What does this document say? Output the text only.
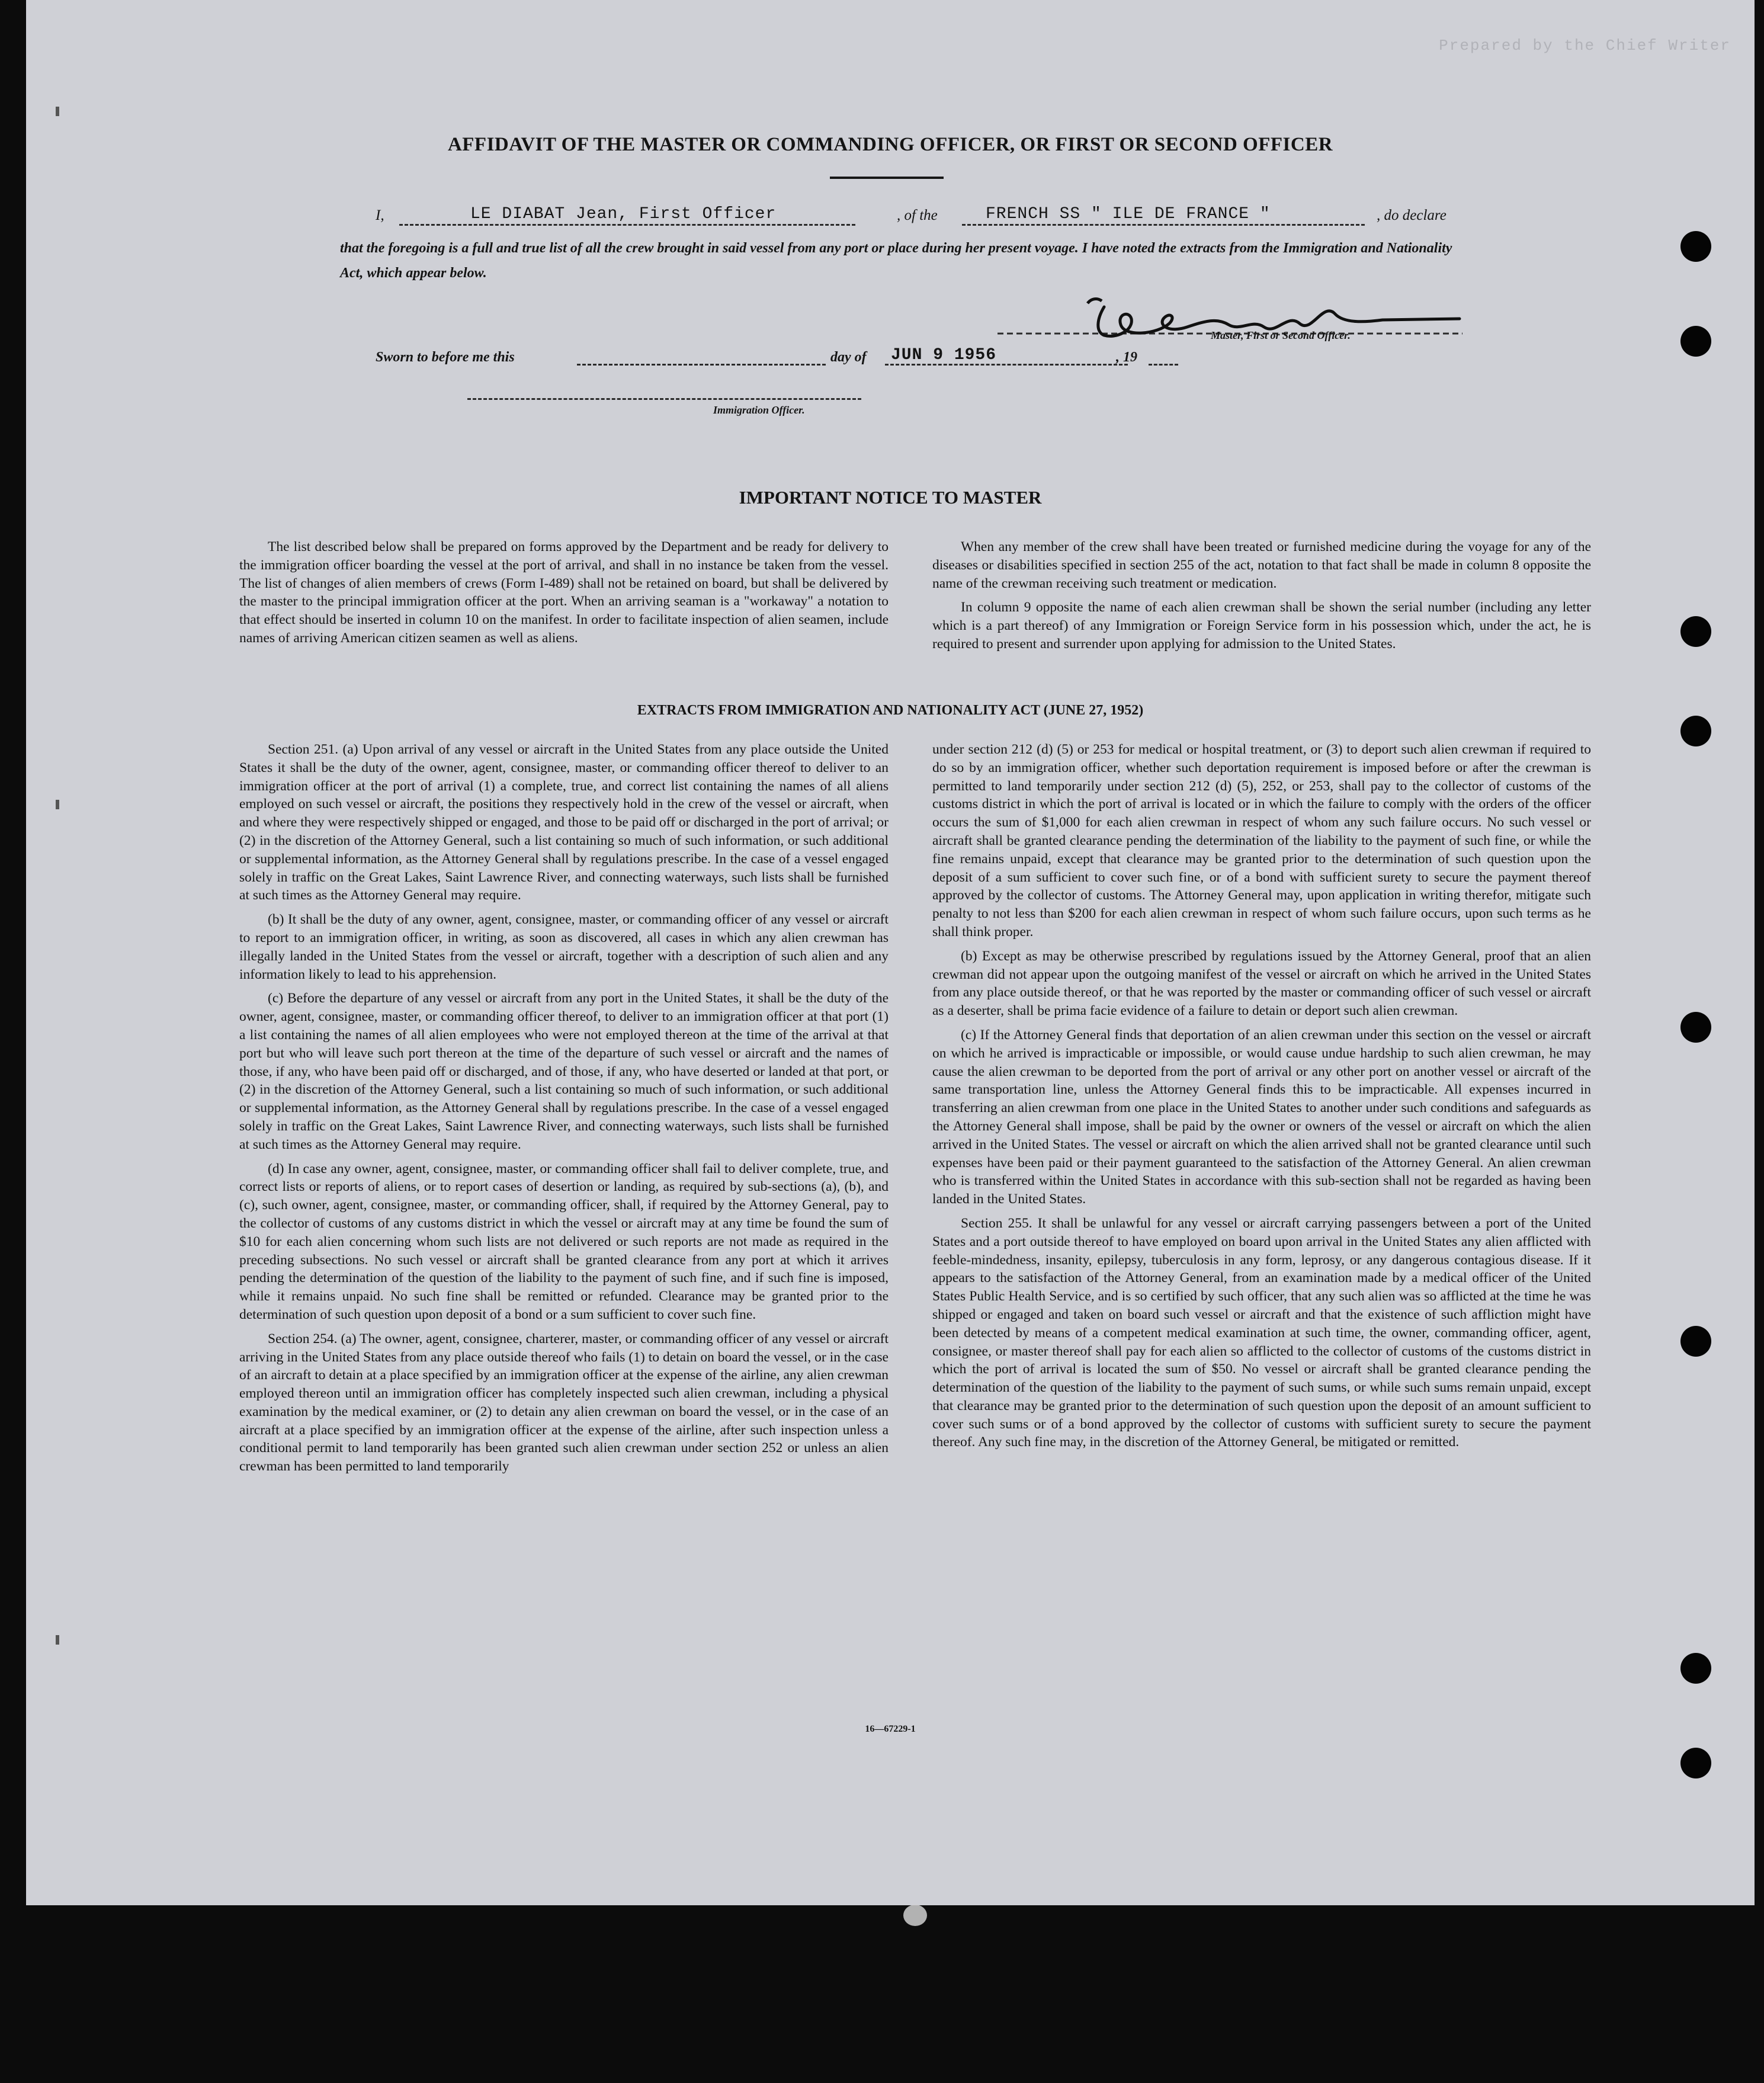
Prepared by the Chief Writer
AFFIDAVIT OF THE MASTER OR COMMANDING OFFICER, OR FIRST OR SECOND OFFICER
I,	LE DIABAT Jean, First Officer	, of the	FRENCH SS " ILE DE FRANCE "	, do declare
that the foregoing is a full and true list of all the crew brought in said vessel from any port or place during her present voyage. I have noted the extracts from the Immigration and Nationality Act, which appear below.
Master, First or Second Officer.
Sworn to before me this	day of JUN 9 1956	, 19
Immigration Officer.
IMPORTANT NOTICE TO MASTER

The list described below shall be prepared on forms approved by the Department and be ready for delivery to the immigration officer boarding the vessel at the port of arrival, and shall in no instance be taken from the vessel. The list of changes of alien members of crews (Form I-489) shall not be retained on board, but shall be delivered by the master to the principal immigration officer at the port. When an arriving seaman is a "workaway" a notation to that effect should be inserted in column 10 on the manifest. In order to facilitate inspection of alien seamen, include names of arriving American citizen seamen as well as aliens.

When any member of the crew shall have been treated or furnished medicine during the voyage for any of the diseases or disabilities specified in section 255 of the act, notation to that fact shall be made in column 8 opposite the name of the crewman receiving such treatment or medication.

In column 9 opposite the name of each alien crewman shall be shown the serial number (including any letter which is a part thereof) of any Immigration or Foreign Service form in his possession which, under the act, he is required to present and surrender upon applying for admission to the United States.

EXTRACTS FROM IMMIGRATION AND NATIONALITY ACT (JUNE 27, 1952)

Section 251. (a) Upon arrival of any vessel or aircraft in the United States from any place outside the United States it shall be the duty of the owner, agent, consignee, master, or commanding officer thereof to deliver to an immigration officer at the port of arrival (1) a complete, true, and correct list containing the names of all aliens employed on such vessel or aircraft, the positions they respectively hold in the crew of the vessel or aircraft, when and where they were respectively shipped or engaged, and those to be paid off or discharged in the port of arrival; or (2) in the discretion of the Attorney General, such a list containing so much of such information, or such additional or supplemental information, as the Attorney General shall by regulations prescribe. In the case of a vessel engaged solely in traffic on the Great Lakes, Saint Lawrence River, and connecting waterways, such lists shall be furnished at such times as the Attorney General may require.

(b) It shall be the duty of any owner, agent, consignee, master, or commanding officer of any vessel or aircraft to report to an immigration officer, in writing, as soon as discovered, all cases in which any alien crewman has illegally landed in the United States from the vessel or aircraft, together with a description of such alien and any information likely to lead to his apprehension.

(c) Before the departure of any vessel or aircraft from any port in the United States, it shall be the duty of the owner, agent, consignee, master, or commanding officer thereof, to deliver to an immigration officer at that port (1) a list containing the names of all alien employees who were not employed thereon at the time of the arrival at that port but who will leave such port thereon at the time of the departure of such vessel or aircraft and the names of those, if any, who have been paid off or discharged, and of those, if any, who have deserted or landed at that port, or (2) in the discretion of the Attorney General, such a list containing so much of such information, or such additional or supplemental information, as the Attorney General shall by regulations prescribe. In the case of a vessel engaged solely in traffic on the Great Lakes, Saint Lawrence River, and connecting waterways, such lists shall be furnished at such times as the Attorney General may require.

(d) In case any owner, agent, consignee, master, or commanding officer shall fail to deliver complete, true, and correct lists or reports of aliens, or to report cases of desertion or landing, as required by sub-sections (a), (b), and (c), such owner, agent, consignee, master, or commanding officer, shall, if required by the Attorney General, pay to the collector of customs of any customs district in which the vessel or aircraft may at any time be found the sum of $10 for each alien concerning whom such lists are not delivered or such reports are not made as required in the preceding subsections. No such vessel or aircraft shall be granted clearance from any port at which it arrives pending the determination of the question of the liability to the payment of such fine, and if such fine is imposed, while it remains unpaid. No such fine shall be remitted or refunded. Clearance may be granted prior to the determination of such question upon deposit of a bond or a sum sufficient to cover such fine.

Section 254. (a) The owner, agent, consignee, charterer, master, or commanding officer of any vessel or aircraft arriving in the United States from any place outside thereof who fails (1) to detain on board the vessel, or in the case of an aircraft to detain at a place specified by an immigration officer at the expense of the airline, any alien crewman employed thereon until an immigration officer has completely inspected such alien crewman, including a physical examination by the medical examiner, or (2) to detain any alien crewman on board the vessel, or in the case of an aircraft at a place specified by an immigration officer at the expense of the airline, after such inspection unless a conditional permit to land temporarily has been granted such alien crewman under section 252 or unless an alien crewman has been permitted to land temporarily

under section 212 (d) (5) or 253 for medical or hospital treatment, or (3) to deport such alien crewman if required to do so by an immigration officer, whether such deportation requirement is imposed before or after the crewman is permitted to land temporarily under section 212 (d) (5), 252, or 253, shall pay to the collector of customs of the customs district in which the port of arrival is located or in which the failure to comply with the orders of the officer occurs the sum of $1,000 for each alien crewman in respect of whom any such failure occurs. No such vessel or aircraft shall be granted clearance pending the determination of the liability to the payment of such fine, or while the fine remains unpaid, except that clearance may be granted prior to the determination of such question upon the deposit of a sum sufficient to cover such fine, or of a bond with sufficient surety to secure the payment thereof approved by the collector of customs. The Attorney General may, upon application in writing therefor, mitigate such penalty to not less than $200 for each alien crewman in respect of whom such failure occurs, upon such terms as he shall think proper.

(b) Except as may be otherwise prescribed by regulations issued by the Attorney General, proof that an alien crewman did not appear upon the outgoing manifest of the vessel or aircraft on which he arrived in the United States from any place outside thereof, or that he was reported by the master or commanding officer of such vessel or aircraft as a deserter, shall be prima facie evidence of a failure to detain or deport such alien crewman.

(c) If the Attorney General finds that deportation of an alien crewman under this section on the vessel or aircraft on which he arrived is impracticable or impossible, or would cause undue hardship to such alien crewman, he may cause the alien crewman to be deported from the port of arrival or any other port on another vessel or aircraft of the same transportation line, unless the Attorney General finds this to be impracticable. All expenses incurred in transferring an alien crewman from one place in the United States to another under such conditions and safeguards as the Attorney General shall impose, shall be paid by the owner or owners of the vessel or aircraft on which the alien arrived in the United States. The vessel or aircraft on which the alien arrived shall not be granted clearance until such expenses have been paid or their payment guaranteed to the satisfaction of the Attorney General. An alien crewman who is transferred within the United States in accordance with this sub-section shall not be regarded as having been landed in the United States.

Section 255. It shall be unlawful for any vessel or aircraft carrying passengers between a port of the United States and a port outside thereof to have employed on board upon arrival in the United States any alien afflicted with feeble-mindedness, insanity, epilepsy, tuberculosis in any form, leprosy, or any dangerous contagious disease. If it appears to the satisfaction of the Attorney General, from an examination made by a medical officer of the United States Public Health Service, and is so certified by such officer, that any such alien was so afflicted at the time he was shipped or engaged and taken on board such vessel or aircraft and that the existence of such affliction might have been detected by means of a competent medical examination at such time, the owner, commanding officer, agent, consignee, or master thereof shall pay for each alien so afflicted to the collector of customs of the customs district in which the port of arrival is located the sum of $50. No vessel or aircraft shall be granted clearance pending the determination of the question of the liability to the payment of such sums, or while such sums remain unpaid, except that clearance may be granted prior to the determination of such question upon the deposit of an amount sufficient to cover such sums or of a bond approved by the collector of customs with sufficient surety to secure the payment thereof. Any such fine may, in the discretion of the Attorney General, be mitigated or remitted.

16—67229-1
